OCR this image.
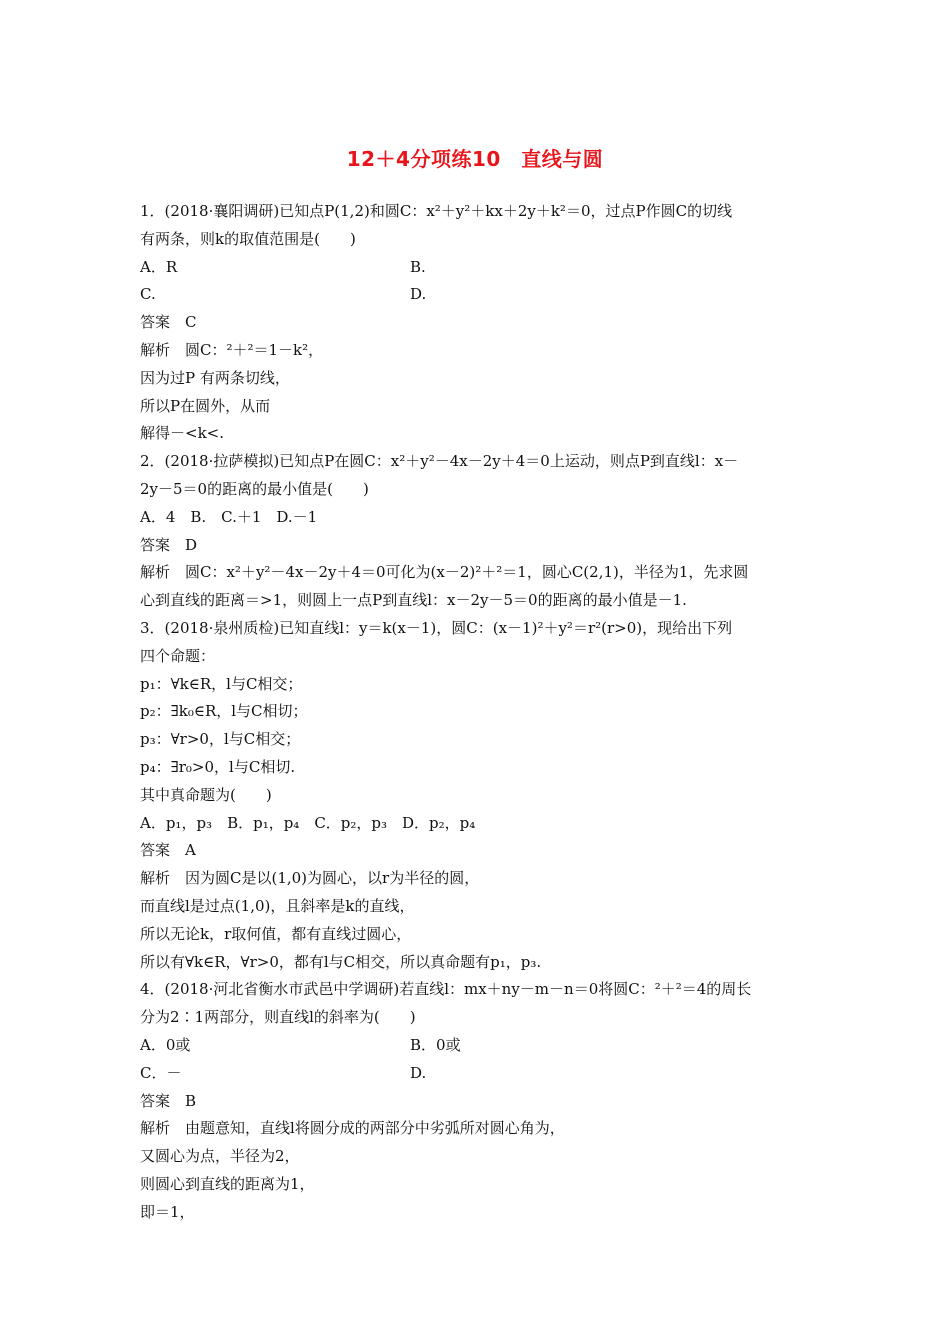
12＋4分项练10　直线与圆
1．(2018·襄阳调研)已知点P(1,2)和圆C：x²＋y²＋kx＋2y＋k²＝0，过点P作圆C的切线
有两条，则k的取值范围是(　　)
A．R	B.
C.	D.
答案　C
解析　圆C：²＋²＝1－k²，
因为过P 有两条切线，
所以P在圆外，从而
解得－<k<.
2．(2018·拉萨模拟)已知点P在圆C：x²＋y²－4x－2y＋4＝0上运动，则点P到直线l：x－
2y－5＝0的距离的最小值是(　　)
A．4　B.　C.＋1　D.－1
答案　D
解析　圆C：x²＋y²－4x－2y＋4＝0可化为(x－2)²＋²＝1，圆心C(2,1)，半径为1，先求圆
心到直线的距离＝>1，则圆上一点P到直线l：x－2y－5＝0的距离的最小值是－1.
3．(2018·泉州质检)已知直线l：y＝k(x－1)，圆C：(x－1)²＋y²＝r²(r>0)，现给出下列
四个命题：
p₁：∀k∈R，l与C相交；
p₂：∃k₀∈R，l与C相切；
p₃：∀r>0，l与C相交；
p₄：∃r₀>0，l与C相切.
其中真命题为(　　)
A．p₁，p₃　B．p₁，p₄　C．p₂，p₃　D．p₂，p₄
答案　A
解析　因为圆C是以(1,0)为圆心，以r为半径的圆，
而直线l是过点(1,0)，且斜率是k的直线，
所以无论k，r取何值，都有直线过圆心，
所以有∀k∈R，∀r>0，都有l与C相交，所以真命题有p₁，p₃.
4．(2018·河北省衡水市武邑中学调研)若直线l：mx＋ny－m－n＝0将圆C：²＋²＝4的周长
分为2∶1两部分，则直线l的斜率为(　　)
A．0或	B．0或
C．－	D.
答案　B
解析　由题意知，直线l将圆分成的两部分中劣弧所对圆心角为，
又圆心为点，半径为2，
则圆心到直线的距离为1，
即＝1，
